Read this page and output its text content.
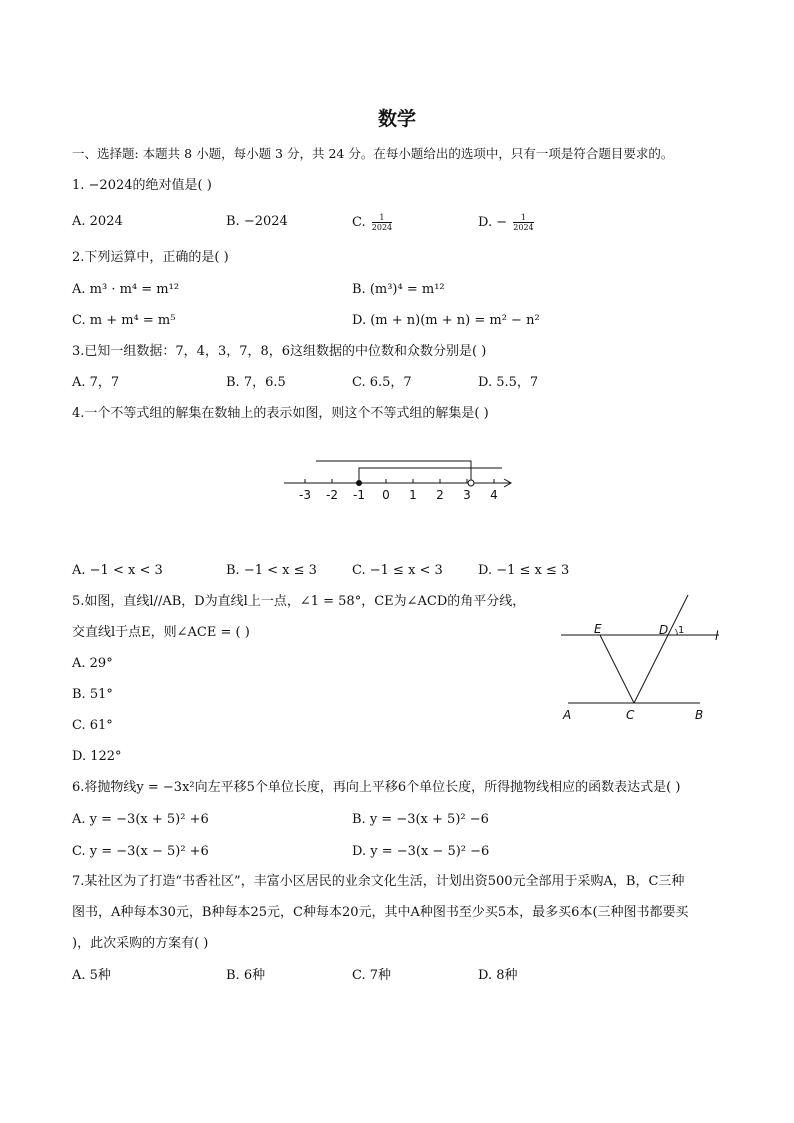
数学
一、选择题: 本题共 8 小题，每小题 3 分，共 24 分。在每小题给出的选项中，只有一项是符合题目要求的。
1. −2024的绝对值是( )
A. 2024	B. −2024	C. $\frac{1}{2024}$	D. − $\frac{1}{2024}$
2.下列运算中，正确的是( )
A. m³ · m⁴ = m¹²	B. (m³)⁴ = m¹²
C. m + m⁴ = m⁵	D. (m + n)(m + n) = m² − n²
3.已知一组数据：7，4，3，7，8，6这组数据的中位数和众数分别是( )
A. 7，7	B. 7，6.5	C. 6.5，7	D. 5.5，7
4.一个不等式组的解集在数轴上的表示如图，则这个不等式组的解集是( )
-3 -2 -1 0 1 2 3 4
A. −1 < x < 3	B. −1 < x ≤ 3	C. −1 ≤ x < 3	D. −1 ≤ x ≤ 3
5.如图，直线l//AB，D为直线l上一点，∠1 = 58°，CE为∠ACD的角平分线，
交直线l于点E，则∠ACE = ( )
A. 29°
B. 51°
C. 61°
D. 122°
E	D 1	l
A	C	B
6.将抛物线y = −3x²向左平移5个单位长度，再向上平移6个单位长度，所得抛物线相应的函数表达式是( )
A. y = −3(x + 5)² +6	B. y = −3(x + 5)² −6
C. y = −3(x − 5)² +6	D. y = −3(x − 5)² −6
7.某社区为了打造“书香社区”，丰富小区居民的业余文化生活，计划出资500元全部用于采购A，B，C三种
图书，A种每本30元，B种每本25元，C种每本20元，其中A种图书至少买5本，最多买6本(三种图书都要买
)，此次采购的方案有( )
A. 5种	B. 6种	C. 7种	D. 8种
